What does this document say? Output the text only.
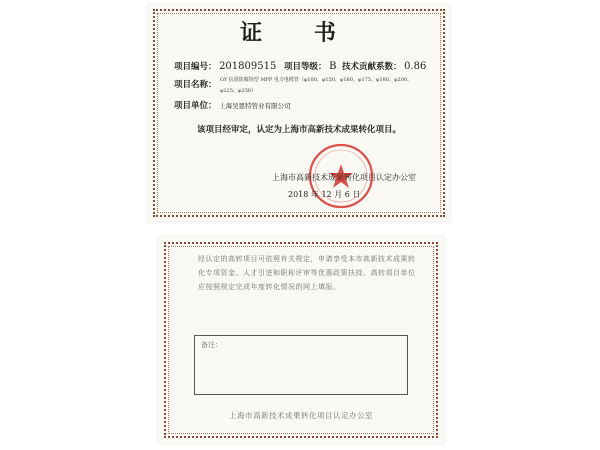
证 书
项目编号： 201809515 项目等级： B 技术贡献系数： 0.86
项目名称： GY 抗震防腐蚀型 MPP 电力电缆管（φ100、φ150、φ160、φ175、φ180、φ200、
φ225、φ250）
项目单位： 上海吴恩特管业有限公司
该项目经审定，认定为上海市高新技术成果转化项目。
上海市高新技术成果转化项目认定办公室
2018 年 12 月 6 日
经认定的高转项目可依照有关规定，申请享受本市高新技术成果转化专项资金、人才引进和职称评审等优惠政策扶持。高转项目单位应按照规定完成年度转化情况的网上填报。
备注：
上海市高新技术成果转化项目认定办公室
